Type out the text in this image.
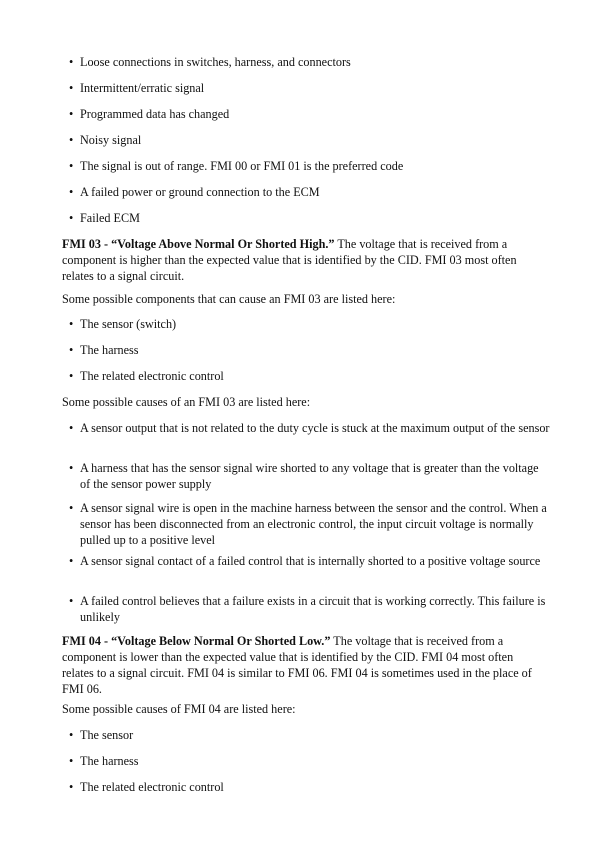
• Loose connections in switches, harness, and connectors
• Intermittent/erratic signal
• Programmed data has changed
• Noisy signal
• The signal is out of range. FMI 00 or FMI 01 is the preferred code
• A failed power or ground connection to the ECM
• Failed ECM
FMI 03 - “Voltage Above Normal Or Shorted High.” The voltage that is received from a component is higher than the expected value that is identified by the CID. FMI 03 most often relates to a signal circuit.
Some possible components that can cause an FMI 03 are listed here:
• The sensor (switch)
• The harness
• The related electronic control
Some possible causes of an FMI 03 are listed here:
• A sensor output that is not related to the duty cycle is stuck at the maximum output of the sensor
• A harness that has the sensor signal wire shorted to any voltage that is greater than the voltage of the sensor power supply
• A sensor signal wire is open in the machine harness between the sensor and the control. When a sensor has been disconnected from an electronic control, the input circuit voltage is normally pulled up to a positive level
• A sensor signal contact of a failed control that is internally shorted to a positive voltage source
• A failed control believes that a failure exists in a circuit that is working correctly. This failure is unlikely
FMI 04 - “Voltage Below Normal Or Shorted Low.” The voltage that is received from a component is lower than the expected value that is identified by the CID. FMI 04 most often relates to a signal circuit. FMI 04 is similar to FMI 06. FMI 04 is sometimes used in the place of FMI 06.
Some possible causes of FMI 04 are listed here:
• The sensor
• The harness
• The related electronic control
